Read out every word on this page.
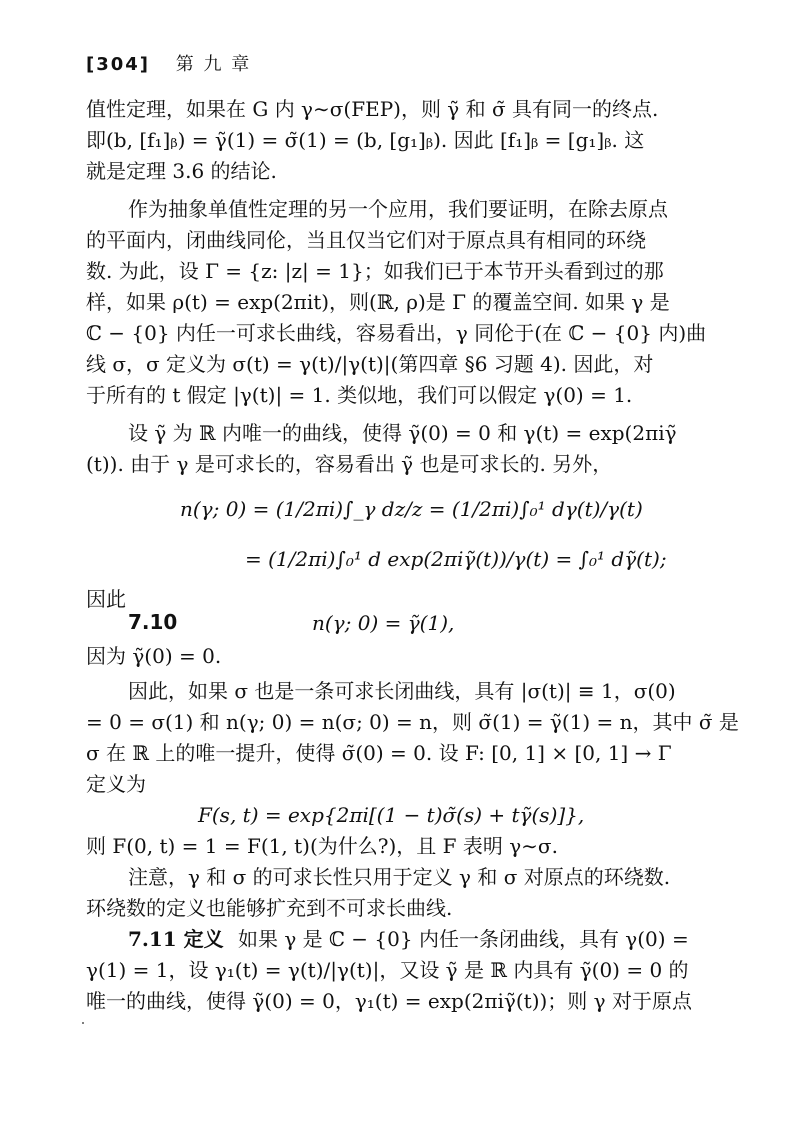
[304] 第 九 章
值性定理，如果在 G 内 γ∼σ(FEP)，则 γ̃ 和 σ̃ 具有同一的终点.
即(b, [f₁]ᵦ) = γ̃(1) = σ̃(1) = (b, [g₁]ᵦ). 因此 [f₁]ᵦ = [g₁]ᵦ. 这
就是定理 3.6 的结论.
作为抽象单值性定理的另一个应用，我们要证明，在除去原点
的平面内，闭曲线同伦，当且仅当它们对于原点具有相同的环绕
数. 为此，设 Γ = {z: |z| = 1}；如我们已于本节开头看到过的那
样，如果 ρ(t) = exp(2πit)，则(ℝ, ρ)是 Γ 的覆盖空间. 如果 γ 是
ℂ − {0} 内任一可求长曲线，容易看出，γ 同伦于(在 ℂ − {0} 内)曲
线 σ，σ 定义为 σ(t) = γ(t)/|γ(t)|(第四章 §6 习题 4). 因此，对
于所有的 t 假定 |γ(t)| = 1. 类似地，我们可以假定 γ(0) = 1.
设 γ̃ 为 ℝ 内唯一的曲线，使得 γ̃(0) = 0 和 γ(t) = exp(2πiγ̃
(t)). 由于 γ 是可求长的，容易看出 γ̃ 也是可求长的. 另外，
n(γ; 0) = (1/2πi)∫_γ dz/z = (1/2πi)∫₀¹ dγ(t)/γ(t)
= (1/2πi)∫₀¹ d exp(2πiγ̃(t))/γ(t) = ∫₀¹ dγ̃(t);
因此
7.10	n(γ; 0) = γ̃(1),
因为 γ̃(0) = 0.
因此，如果 σ 也是一条可求长闭曲线，具有 |σ(t)| ≡ 1，σ(0)
= 0 = σ(1) 和 n(γ; 0) = n(σ; 0) = n，则 σ̃(1) = γ̃(1) = n，其中 σ̃ 是
σ 在 ℝ 上的唯一提升，使得 σ̃(0) = 0. 设 F: [0, 1] × [0, 1] → Γ
定义为
F(s, t) = exp{2πi[(1 − t)σ̃(s) + tγ̃(s)]},
则 F(0, t) = 1 = F(1, t)(为什么?)，且 F 表明 γ∼σ.
注意，γ 和 σ 的可求长性只用于定义 γ 和 σ 对原点的环绕数.
环绕数的定义也能够扩充到不可求长曲线.
7.11 定义 如果 γ 是 ℂ − {0} 内任一条闭曲线，具有 γ(0) =
γ(1) = 1，设 γ₁(t) = γ(t)/|γ(t)|，又设 γ̃ 是 ℝ 内具有 γ̃(0) = 0 的
唯一的曲线，使得 γ̃(0) = 0，γ₁(t) = exp(2πiγ̃(t))；则 γ 对于原点
